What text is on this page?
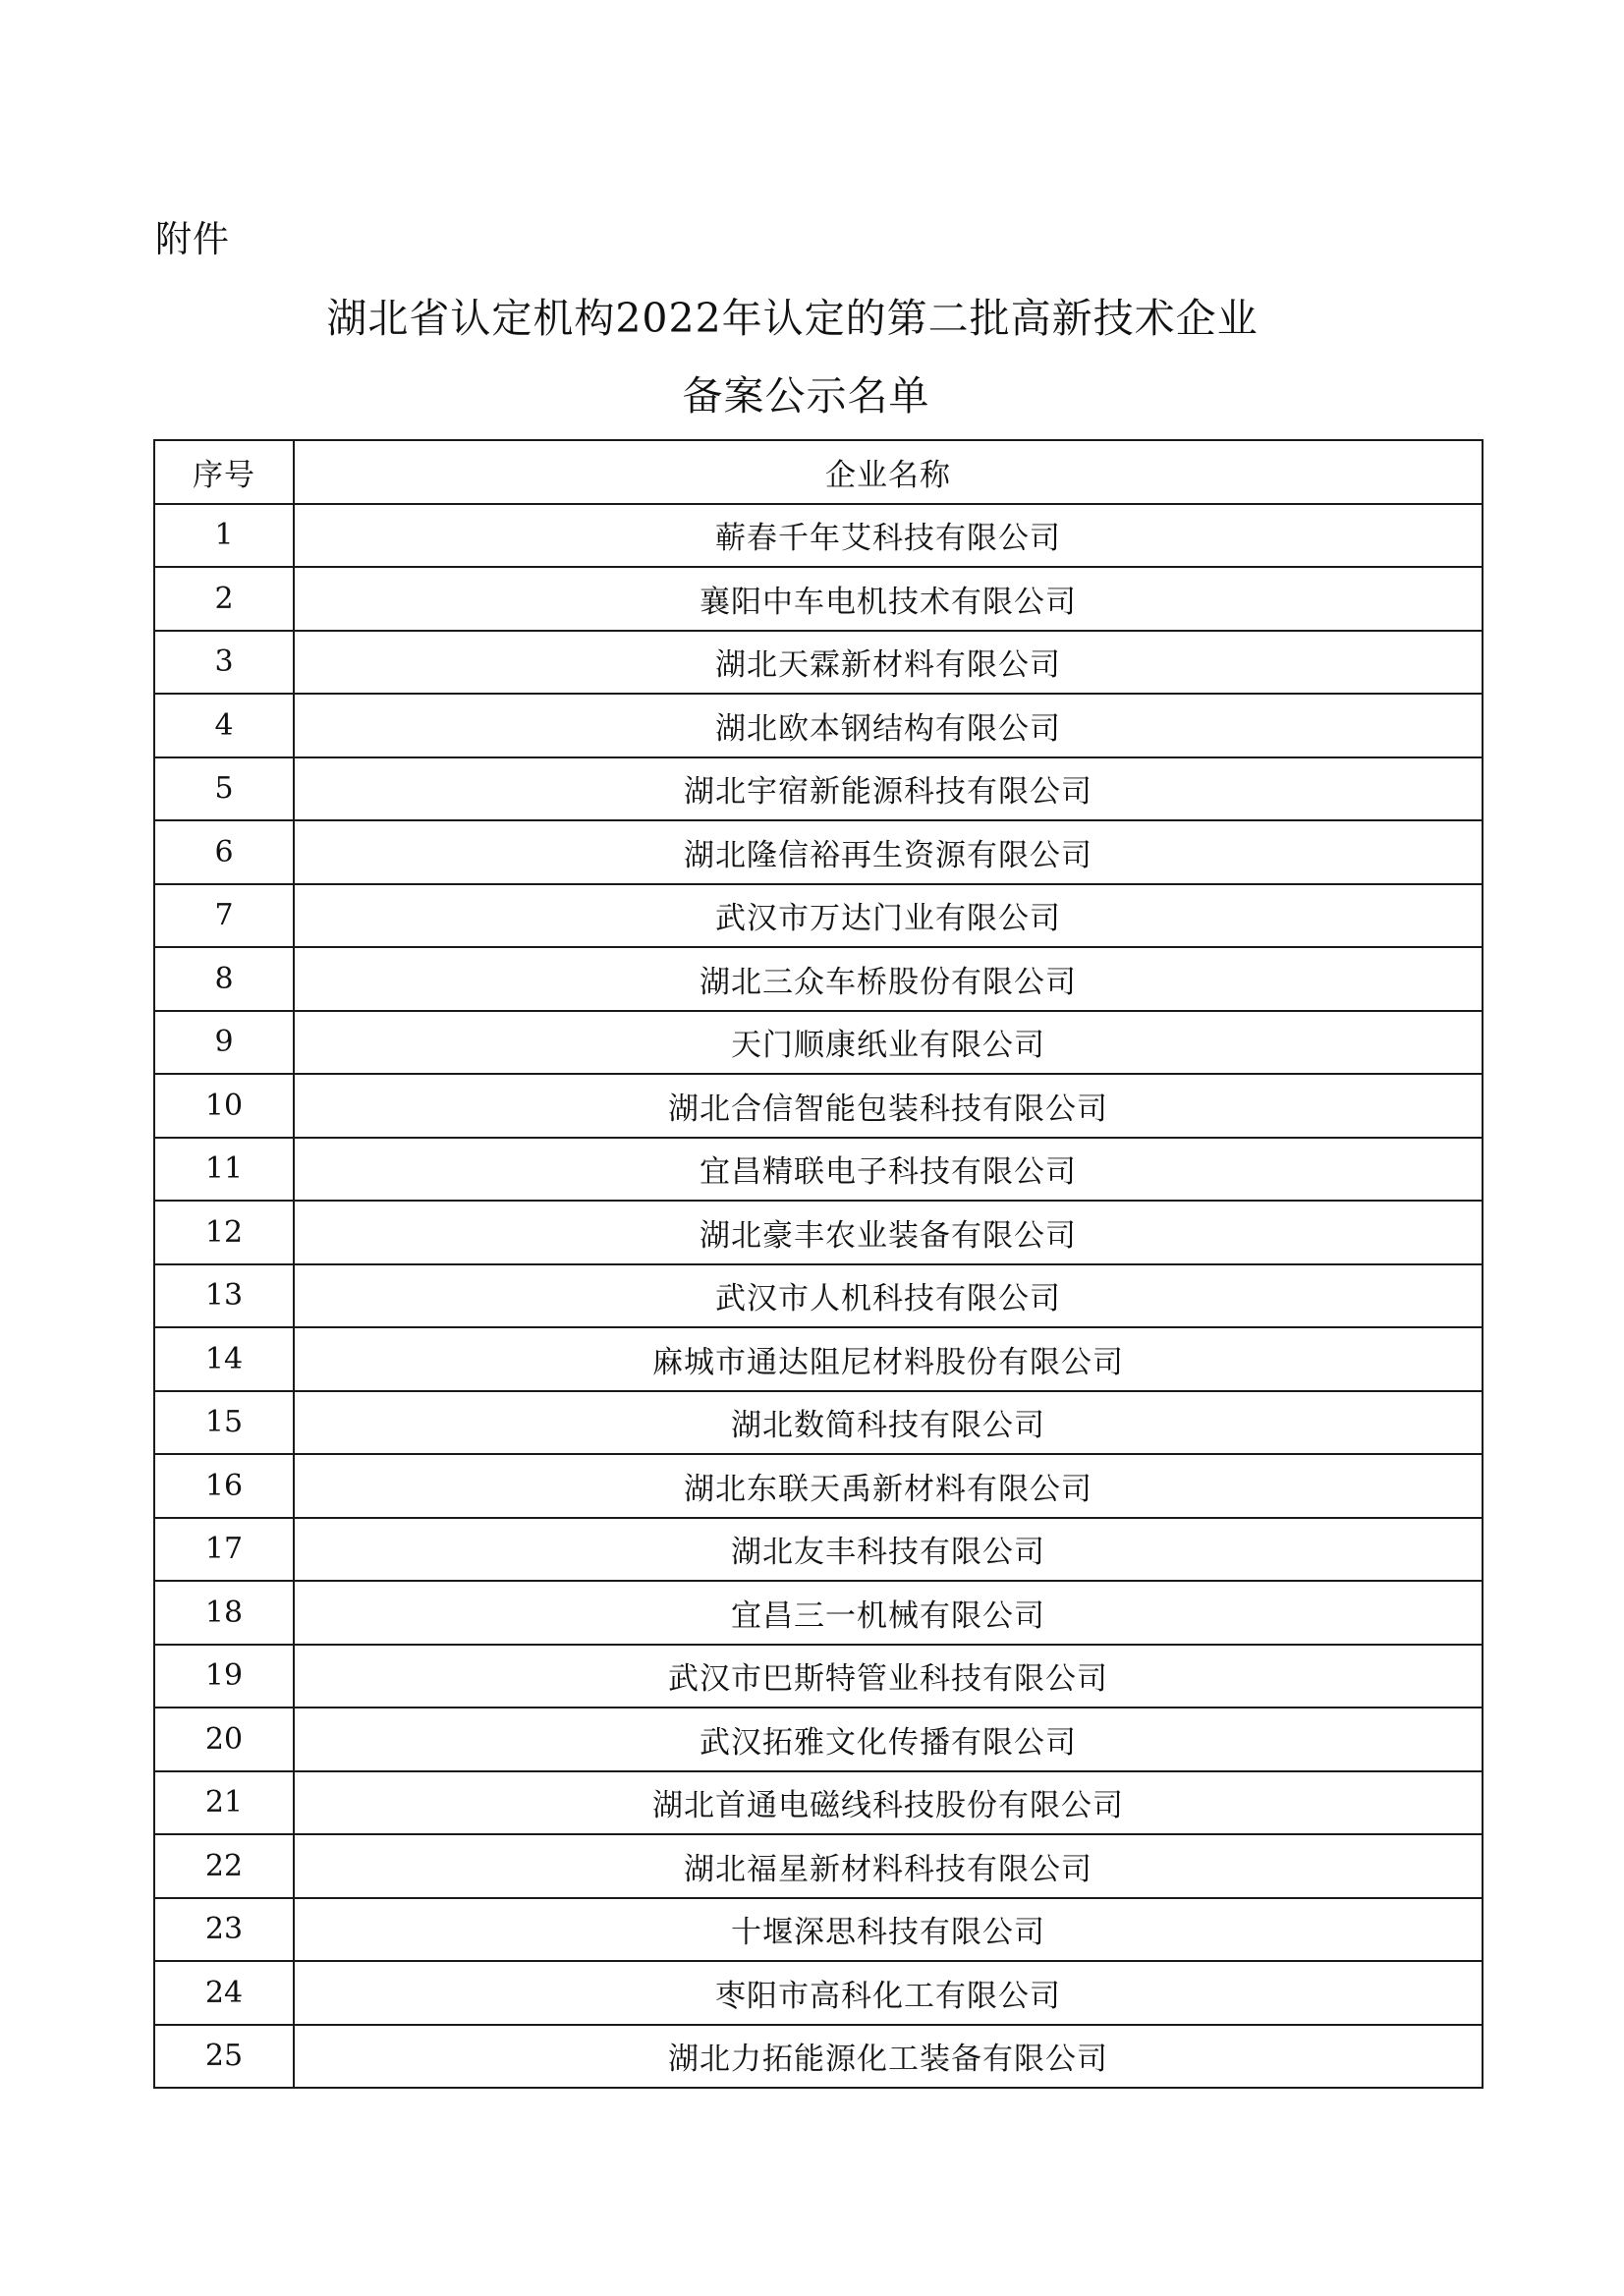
附件
湖北省认定机构2022年认定的第二批高新技术企业
备案公示名单
序号	企业名称
1	蕲春千年艾科技有限公司
2	襄阳中车电机技术有限公司
3	湖北天霖新材料有限公司
4	湖北欧本钢结构有限公司
5	湖北宇宿新能源科技有限公司
6	湖北隆信裕再生资源有限公司
7	武汉市万达门业有限公司
8	湖北三众车桥股份有限公司
9	天门顺康纸业有限公司
10	湖北合信智能包装科技有限公司
11	宜昌精联电子科技有限公司
12	湖北豪丰农业装备有限公司
13	武汉市人机科技有限公司
14	麻城市通达阻尼材料股份有限公司
15	湖北数简科技有限公司
16	湖北东联天禹新材料有限公司
17	湖北友丰科技有限公司
18	宜昌三一机械有限公司
19	武汉市巴斯特管业科技有限公司
20	武汉拓雅文化传播有限公司
21	湖北首通电磁线科技股份有限公司
22	湖北福星新材料科技有限公司
23	十堰深思科技有限公司
24	枣阳市高科化工有限公司
25	湖北力拓能源化工装备有限公司
